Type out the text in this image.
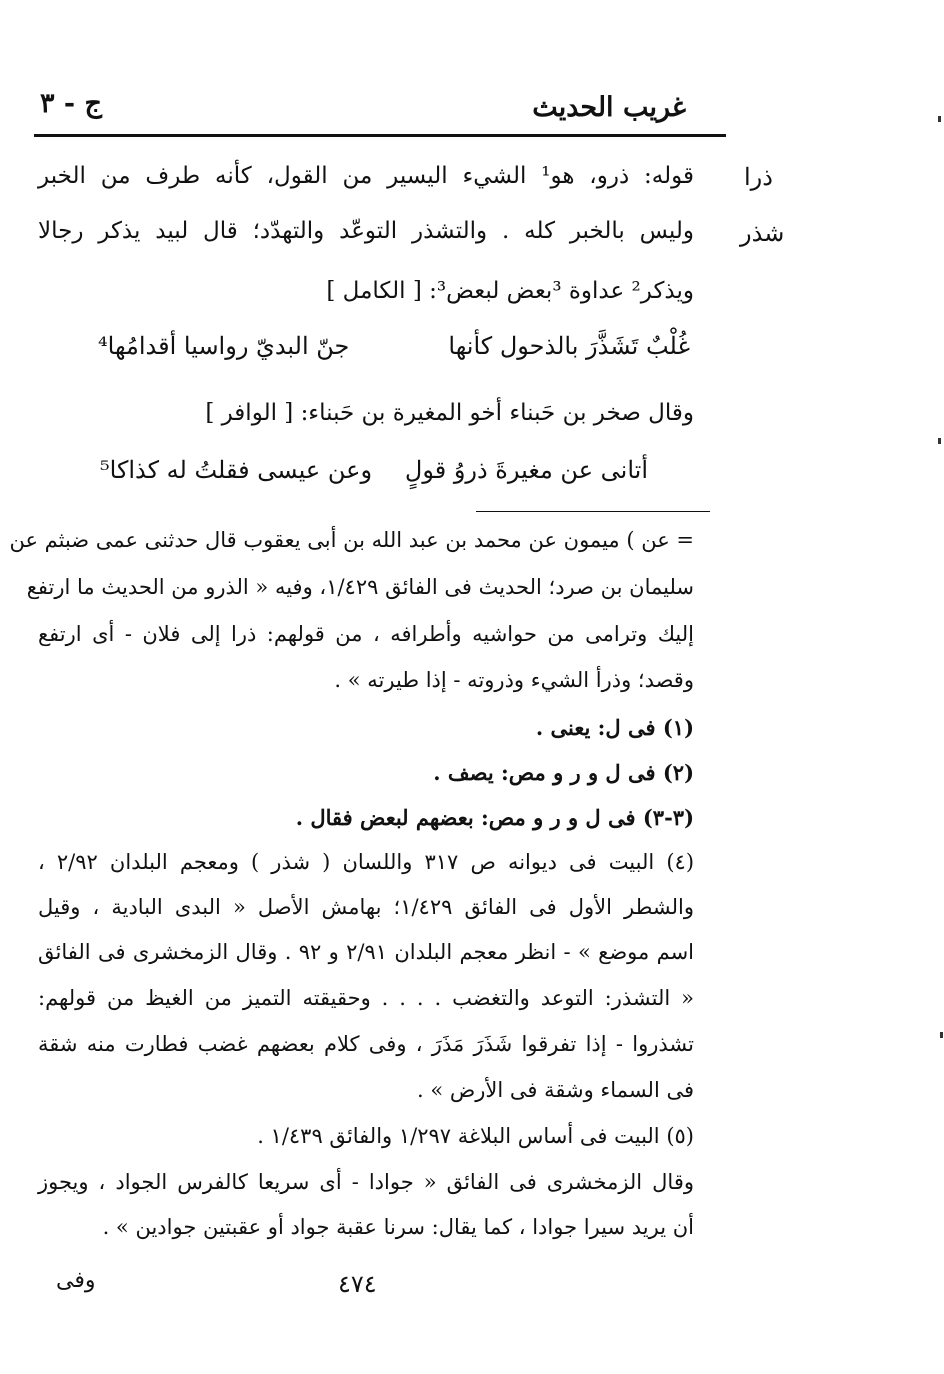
غريب الحديث
ج - ٣
ذرا
شذر
قوله: ذرو، هو¹ الشيء اليسير من القول، كأنه طرف من الخبر
وليس بالخبر كله . والتشذر التوعّد والتهدّد؛ قال لبيد يذكر رجالا
ويذكر² عداوة ³بعض لبعض³: [ الكامل ]
غُلْبٌ تَشَذَّرَ بالذحول كأنها
جنّ البديّ رواسيا أقدامُها⁴
وقال صخر بن حَبناء أخو المغيرة بن حَبناء: [ الوافر ]
أتانى عن مغيرةَ ذروُ قولٍ
وعن عيسى فقلتُ له كذاكا⁵
= عن ) ميمون عن محمد بن عبد الله بن أبى يعقوب قال حدثنى عمى ضبثم عن
سليمان بن صرد؛ الحديث فى الفائق ١/٤٢٩، وفيه « الذرو من الحديث ما ارتفع
إليك وترامى من حواشيه وأطرافه ، من قولهم: ذرا إلى فلان - أى ارتفع
وقصد؛ وذرأ الشيء وذروته - إذا طيرته » .
(١) فى ل: يعنى .
(٢) فى ل و ر و مص: يصف .
(٣-٣) فى ل و ر و مص: بعضهم لبعض فقال .
(٤) البيت فى ديوانه ص ٣١٧ واللسان ( شذر ) ومعجم البلدان ٢/٩٢ ،
والشطر الأول فى الفائق ١/٤٢٩؛ بهامش الأصل « البدى البادية ، وقيل
اسم موضع » - انظر معجم البلدان ٢/٩١ و ٩٢ . وقال الزمخشرى فى الفائق
« التشذر: التوعد والتغضب . . . . وحقيقته التميز من الغيظ من قولهم:
تشذروا - إذا تفرقوا شَذَرَ مَذَرَ ، وفى كلام بعضهم غضب فطارت منه شقة
فى السماء وشقة فى الأرض » .
(٥) البيت فى أساس البلاغة ١/٢٩٧ والفائق ١/٤٣٩ .
وقال الزمخشرى فى الفائق « جوادا - أى سريعا كالفرس الجواد ، ويجوز
أن يريد سيرا جوادا ، كما يقال: سرنا عقبة جواد أو عقبتين جوادين » .
وفى	٤٧٤
